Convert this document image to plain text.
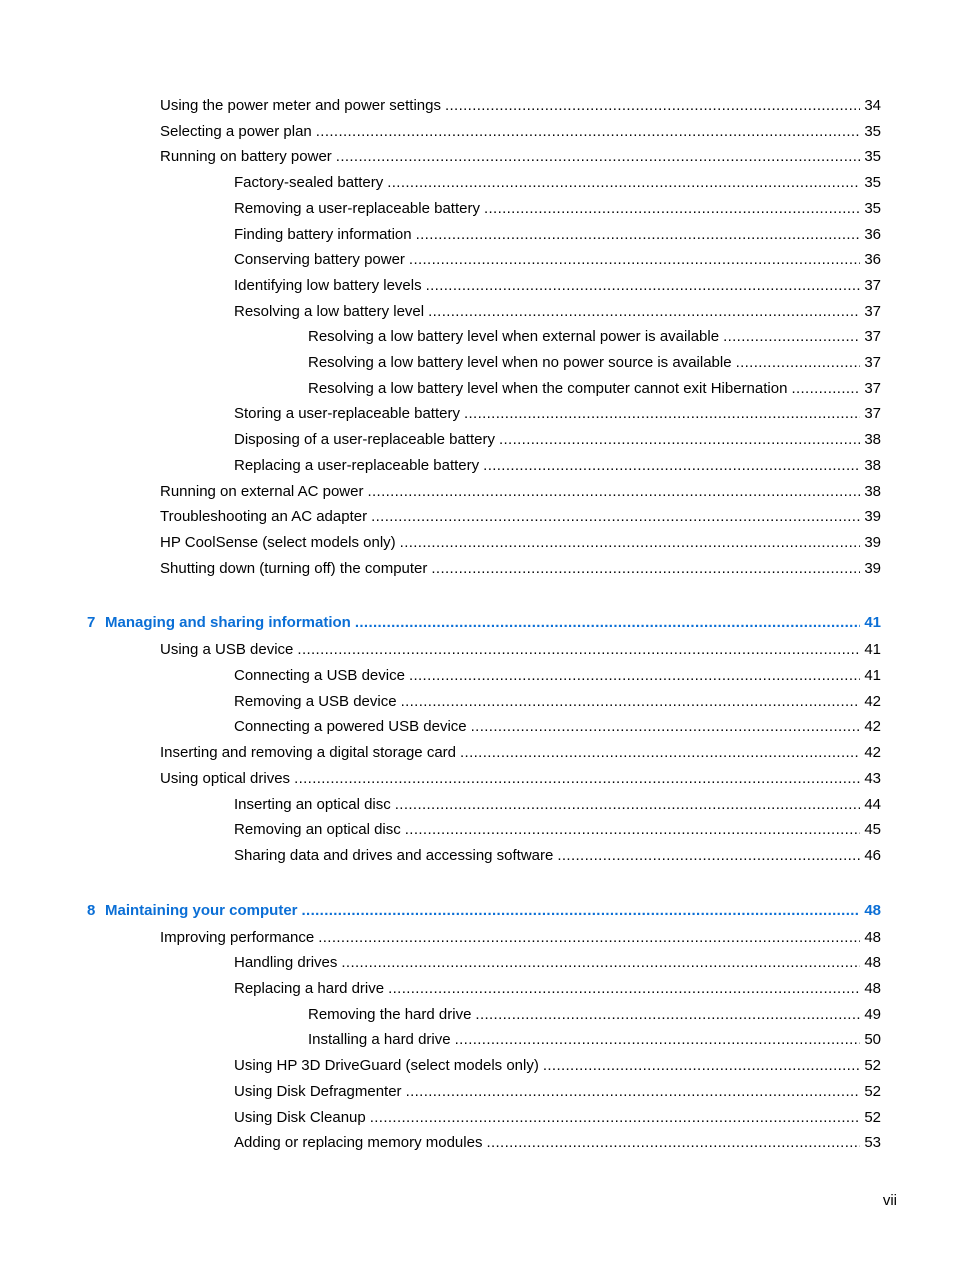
Using the power meter and power settings . . .	34
Selecting a power plan . . .	35
Running on battery power . . .	35
Factory-sealed battery . . .	35
Removing a user-replaceable battery . . .	35
Finding battery information . . .	36
Conserving battery power . . .	36
Identifying low battery levels . . .	37
Resolving a low battery level . . .	37
Resolving a low battery level when external power is available . . .	37
Resolving a low battery level when no power source is available . . .	37
Resolving a low battery level when the computer cannot exit Hibernation . . .	37
Storing a user-replaceable battery . . .	37
Disposing of a user-replaceable battery . . .	38
Replacing a user-replaceable battery . . .	38
Running on external AC power . . .	38
Troubleshooting an AC adapter . . .	39
HP CoolSense (select models only) . . .	39
Shutting down (turning off) the computer . . .	39
7 Managing and sharing information . . .	41
Using a USB device . . .	41
Connecting a USB device . . .	41
Removing a USB device . . .	42
Connecting a powered USB device . . .	42
Inserting and removing a digital storage card . . .	42
Using optical drives . . .	43
Inserting an optical disc . . .	44
Removing an optical disc . . .	45
Sharing data and drives and accessing software . . .	46
8 Maintaining your computer . . .	48
Improving performance . . .	48
Handling drives . . .	48
Replacing a hard drive . . .	48
Removing the hard drive . . .	49
Installing a hard drive . . .	50
Using HP 3D DriveGuard (select models only) . . .	52
Using Disk Defragmenter . . .	52
Using Disk Cleanup . . .	52
Adding or replacing memory modules . . .	53
vii
